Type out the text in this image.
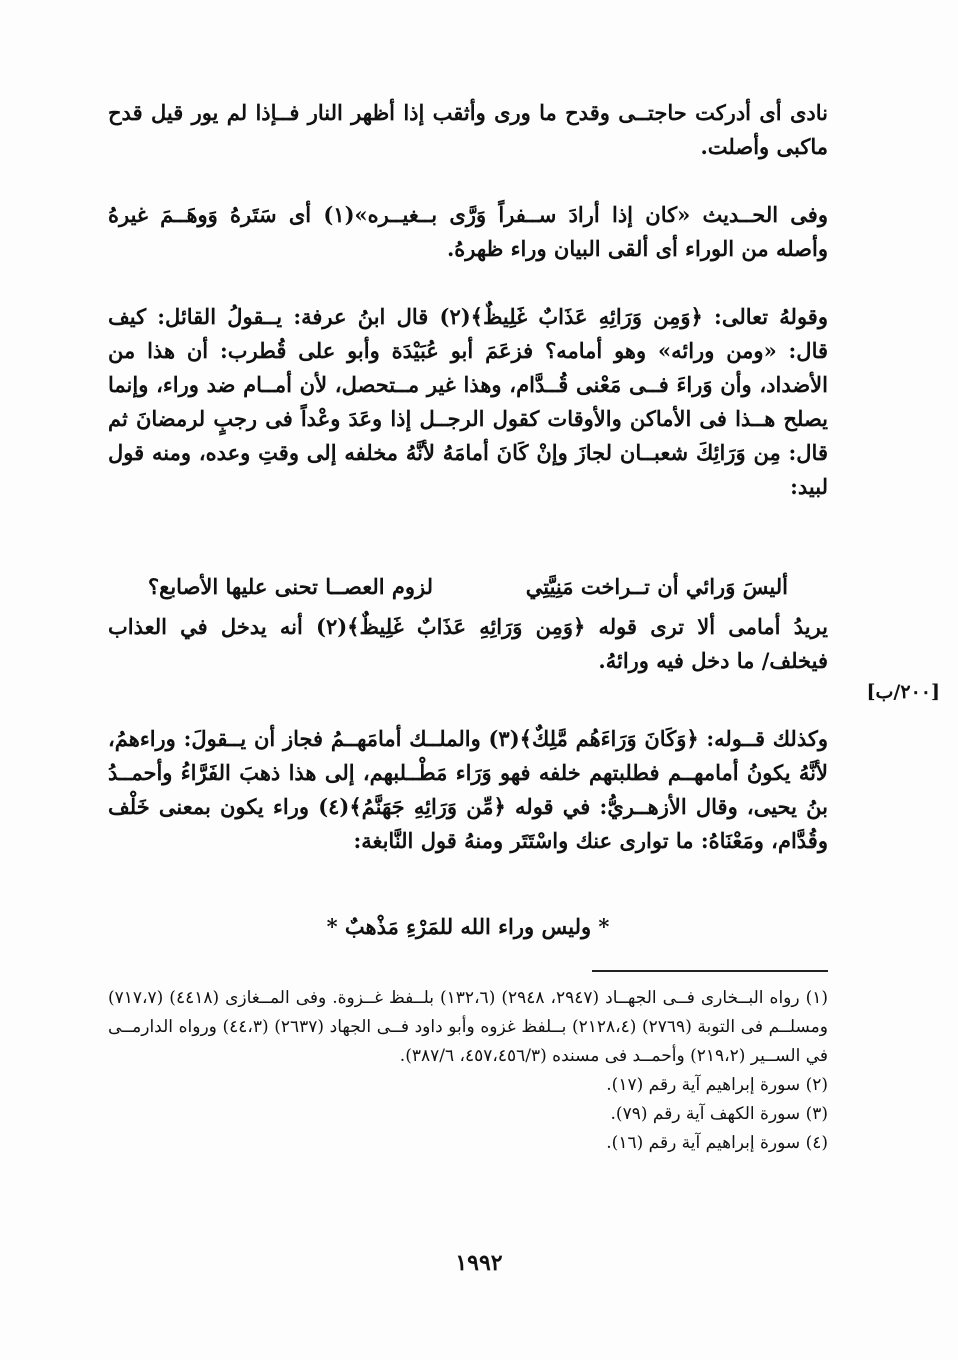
نادى أى أدركت حاجتــى وقدح ما ورى وأثقب إذا أظهر النار فــإذا لم يور قيل قدح ماكبى وأصلت.

وفى الحــديث «كان إذا أرادَ ســفراً وَرَّى بــغيــره»(١) أى سَتَرهُ وَوهَــمَ غيرهُ وأصله من الوراء أى ألقى البيان وراء ظهرهُ.

وقولهُ تعالى: ﴿وَمِن وَرَائِهِ عَذَابٌ غَلِيظٌ﴾(٢) قال ابنُ عرفة: يــقولُ القائل: كيف قال: «ومن ورائه» وهو أمامه؟ فزعَمَ أبو عُبَيْدَة وأبو على قُطرب: أن هذا من الأضداد، وأن وَراءَ فــى مَعْنى قُــدَّام، وهذا غير مــتحصل، لأن أمــام ضد وراء، وإنما يصلح هــذا فى الأماكن والأوقات كقول الرجــل إذا وعَدَ وعْداً فى رجبٍ لرمضانَ ثم قال: مِن وَرَائِكَ شعبــان لجازَ وإنْ كَانَ أمامَهُ لأنَّهُ مخلفه إلى وقتِ وعده، ومنه قول لبيد:

أليسَ وَرائي أن تــراخت مَنِيَّتِي
لزوم العصــا تحنى عليها الأصابع؟

يريدُ أمامى ألا ترى قوله ﴿وَمِن وَرَائِهِ عَذَابٌ غَلِيظٌ﴾(٢) أنه يدخل في العذاب فيخلف/ ما دخل فيه ورائهُ.

[٢٠٠/ب]

وكذلك قــوله: ﴿وَكَانَ وَرَاءَهُم مَّلِكٌ﴾(٣) والملــك أمامَهــمُ فجاز أن يــقولَ: وراءهمُ، لأنَّهُ يكونُ أمامهــم فطلبتهم خلفه فهو وَرَاء مَطْــلبهم، إلى هذا ذهبَ الفَرَّاءُ وأحمــدُ بنُ يحيى، وقال الأزهــريُّ: في قوله ﴿مِّن وَرَائِهِ جَهَنَّمُ﴾(٤) وراء يكون بمعنى خَلْف وقُدَّام، ومَعْنَاهُ: ما توارى عنك واسْتَتَر ومنهُ قول النَّابغة:

* وليس وراء الله للمَرْءِ مَذْهبٌ *

(١) رواه البــخارى فــى الجهــاد (٢٩٤٧، ٢٩٤٨) (١٣٢،٦) بلــفظ غــزوة. وفى المــغازى (٤٤١٨) (٧١٧،٧) ومسلــم فى التوبة (٢٧٦٩) (٢١٢٨،٤) بــلفظ غزوه وأبو داود فــى الجهاد (٢٦٣٧) (٤٤،٣) ورواه الدارمــى في الســير (٢١٩،٢) وأحمــد فى مسنده (٤٥٧،٤٥٦/٣، ٣٨٧/٦).

(٢) سورة إبراهيم آية رقم (١٧).

(٣) سورة الكهف آية رقم (٧٩).

(٤) سورة إبراهيم آية رقم (١٦).

١٩٩٢
